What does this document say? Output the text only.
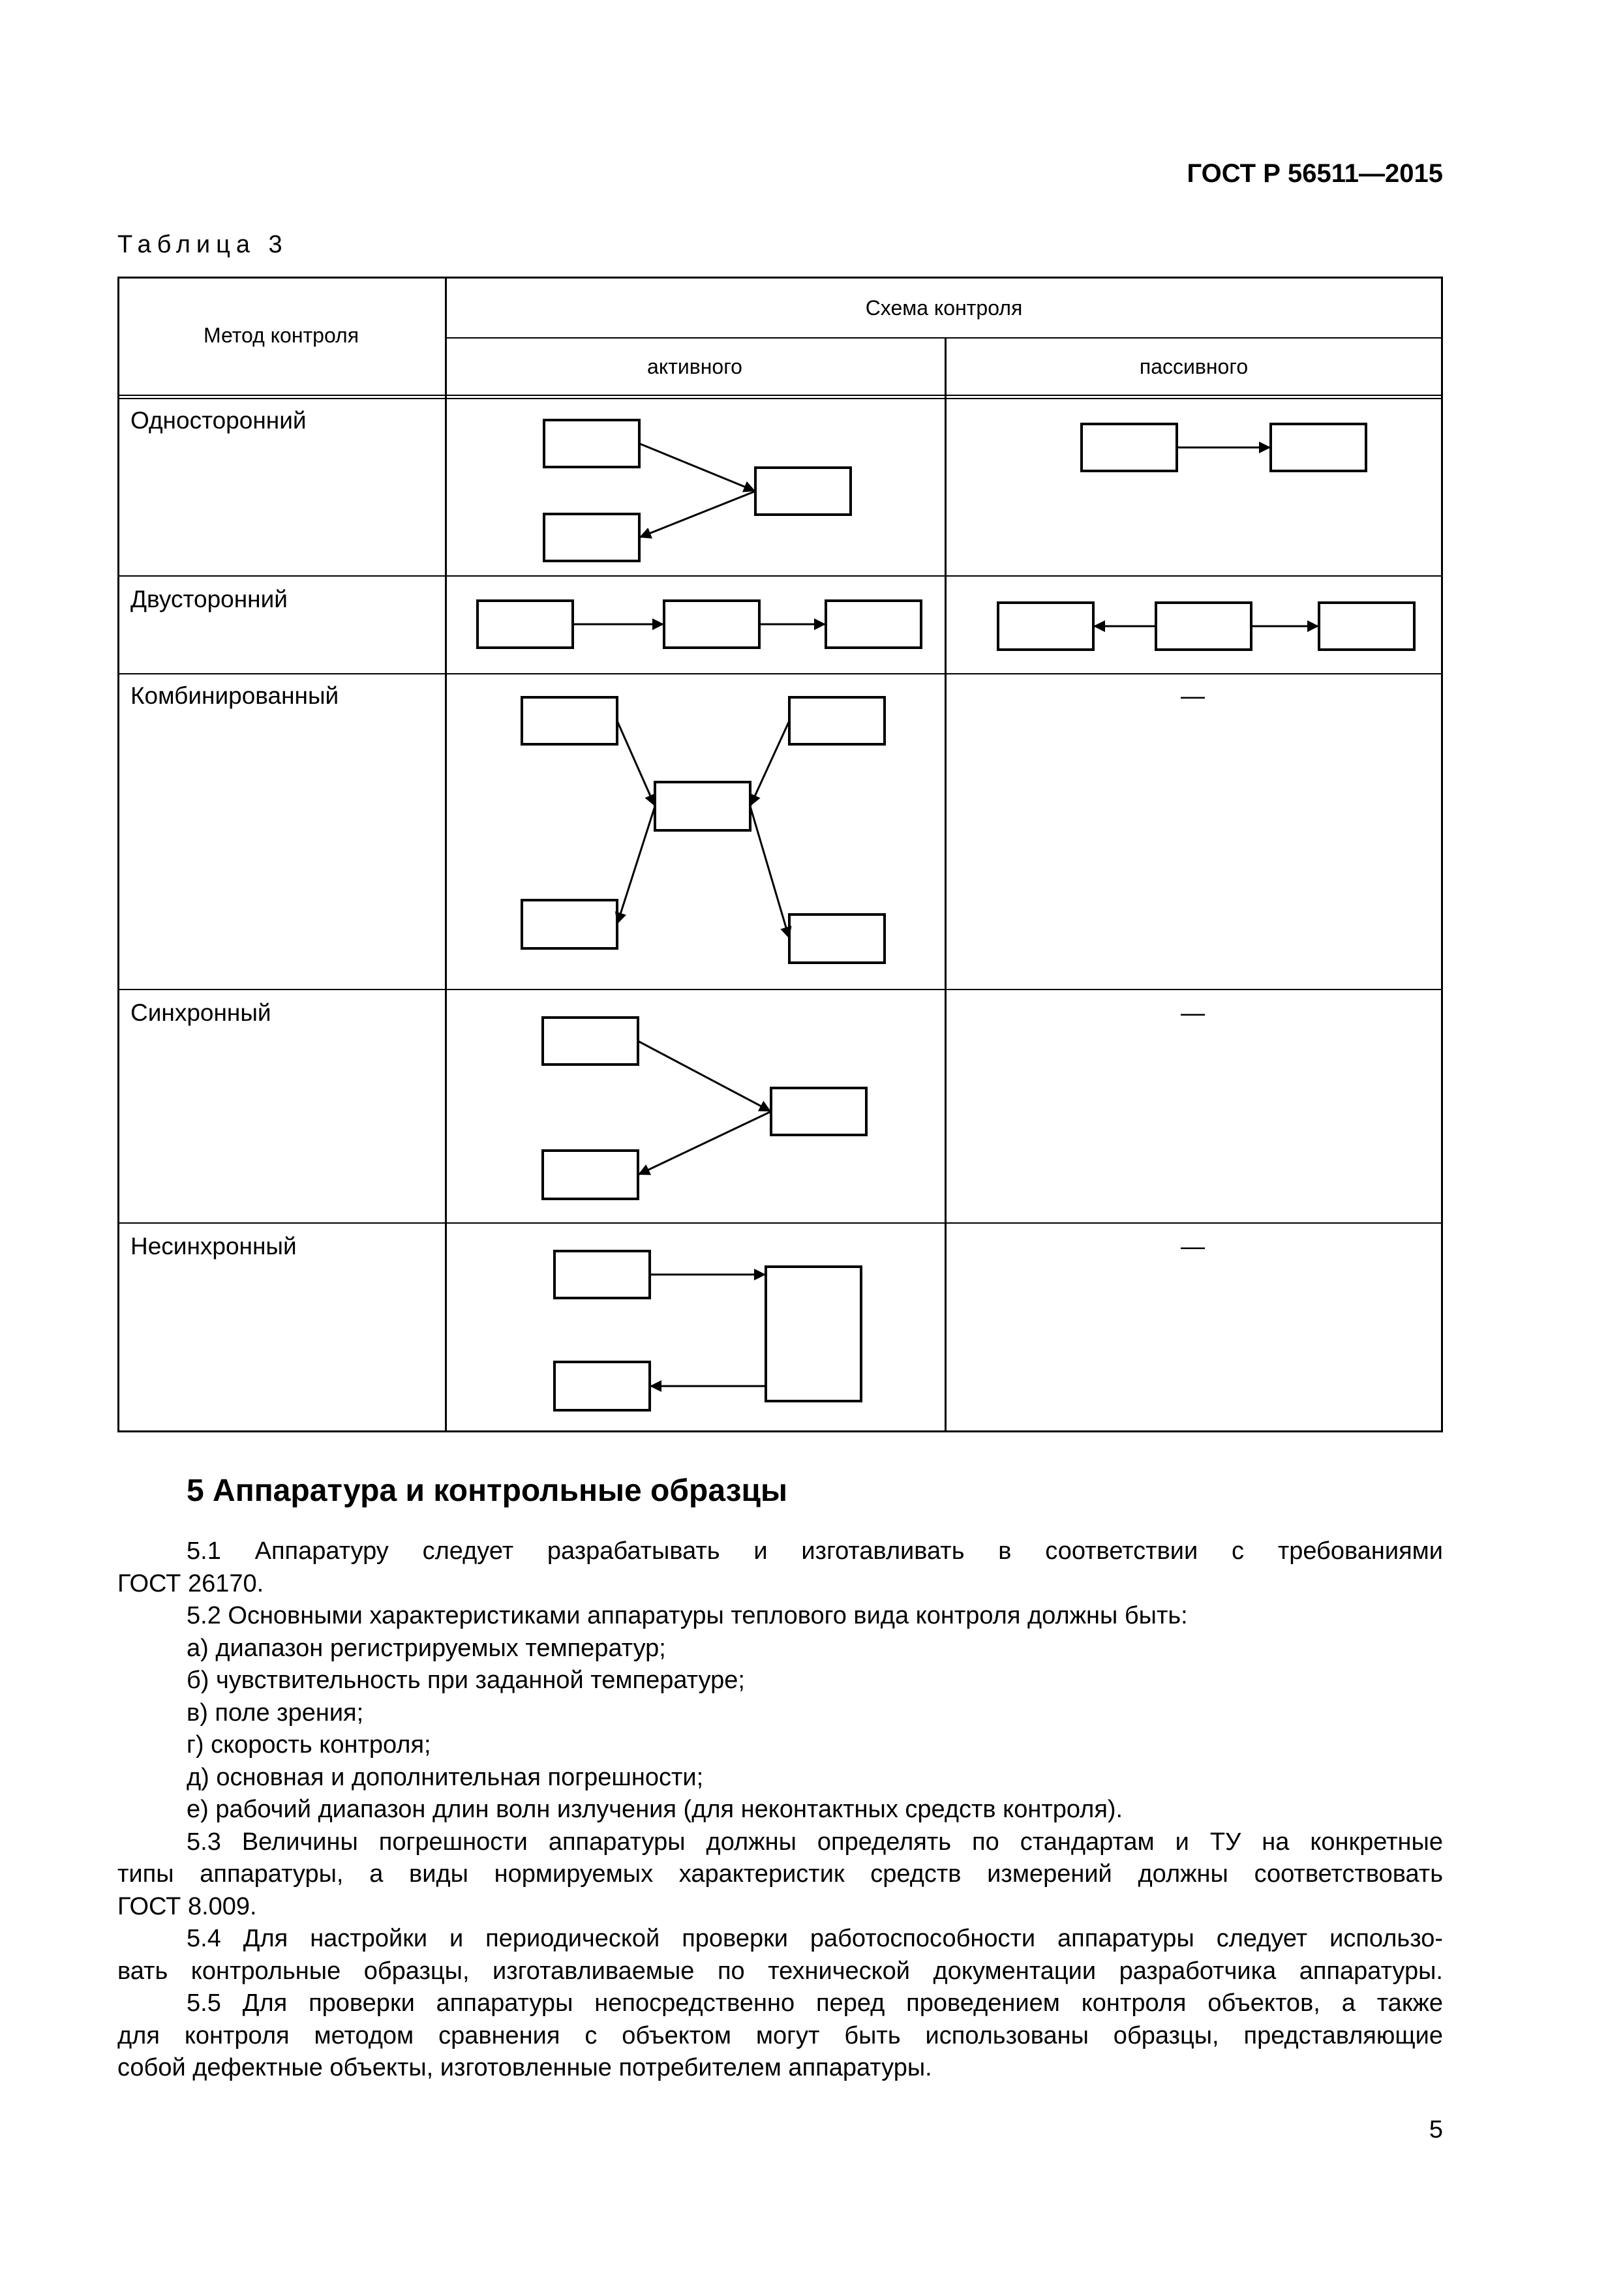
ГОСТ Р 56511—2015
Таблица 3
Метод контроля
Схема контроля
активного	пассивного
Односторонний
Двусторонний
Комбинированный
Синхронный
Несинхронный
—
—
—
5 Аппаратура и контрольные образцы

5.1 Аппаратуру следует разрабатывать и изготавливать в соответствии с требованиями

ГОСТ 26170.

5.2 Основными характеристиками аппаратуры теплового вида контроля должны быть:

а) диапазон регистрируемых температур;

б) чувствительность при заданной температуре;

в) поле зрения;

г) скорость контроля;

д) основная и дополнительная погрешности;

е) рабочий диапазон длин волн излучения (для неконтактных средств контроля).

5.3 Величины погрешности аппаратуры должны определять по стандартам и ТУ на конкретные

типы аппаратуры, а виды нормируемых характеристик средств измерений должны соответствовать

ГОСТ 8.009.

5.4 Для настройки и периодической проверки работоспособности аппаратуры следует использо-

вать контрольные образцы, изготавливаемые по технической документации разработчика аппаратуры.

5.5 Для проверки аппаратуры непосредственно перед проведением контроля объектов, а также

для контроля методом сравнения с объектом могут быть использованы образцы, представляющие

собой дефектные объекты, изготовленные потребителем аппаратуры.

5
